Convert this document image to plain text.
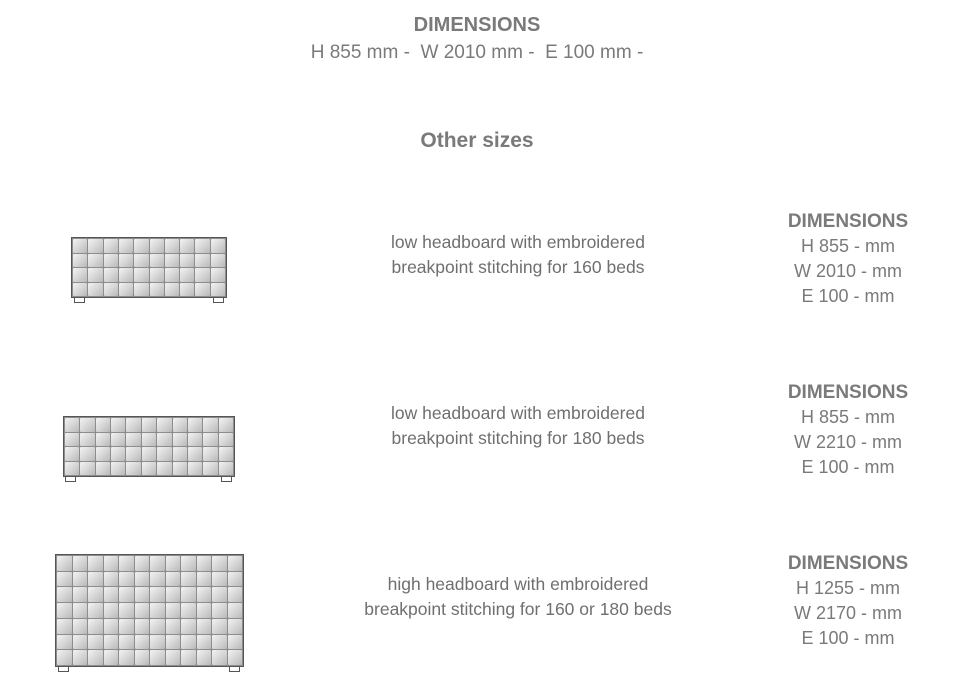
DIMENSIONS
H 855 mm -  W 2010 mm -  E 100 mm -
Other sizes
low headboard with embroidered
breakpoint stitching for 160 beds
DIMENSIONS
H 855 - mm
W 2010 - mm
E 100 - mm
low headboard with embroidered
breakpoint stitching for 180 beds
DIMENSIONS
H 855 - mm
W 2210 - mm
E 100 - mm
high headboard with embroidered
breakpoint stitching for 160 or 180 beds
DIMENSIONS
H 1255 - mm
W 2170 - mm
E 100 - mm
